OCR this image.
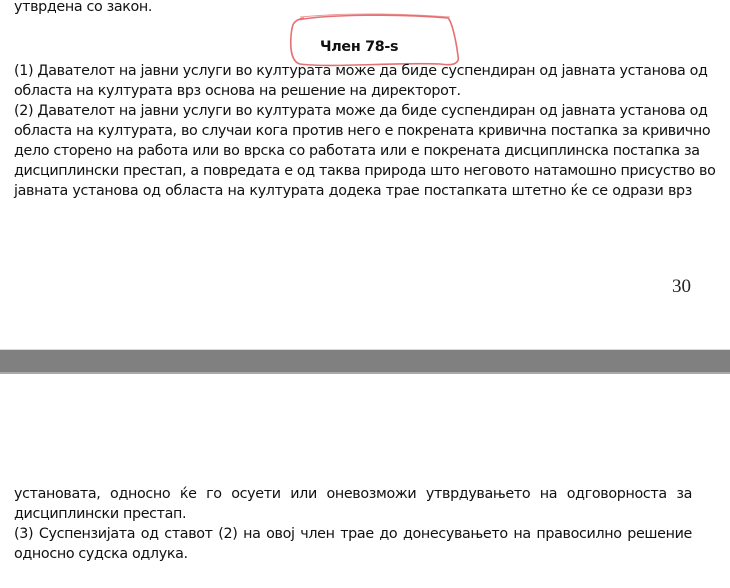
утврдена со закон.
Член 78-ѕ
(1) Давателот на јавни услуги во културата може да биде суспендиран од јавната установа од
областа на културата врз основа на решение на директорот.
(2) Давателот на јавни услуги во културата може да биде суспендиран од јавната установа од
областа на културата, во случаи кога против него е покрената кривична постапка за кривично
дело сторено на работа или во врска со работата или е покрената дисциплинска постапка за
дисциплински престап, а повредата е од таква природа што неговото натамошно присуство во
јавната установа од областа на културата додека трае постапката штетно ќе се одрази врз
30
установата, односно ќе го осуети или оневозможи утврдувањето на одговорноста за
дисциплински престап.
(3) Суспензијата од ставот (2) на овој член трае до донесувањето на правосилно решение
односно судска одлука.
